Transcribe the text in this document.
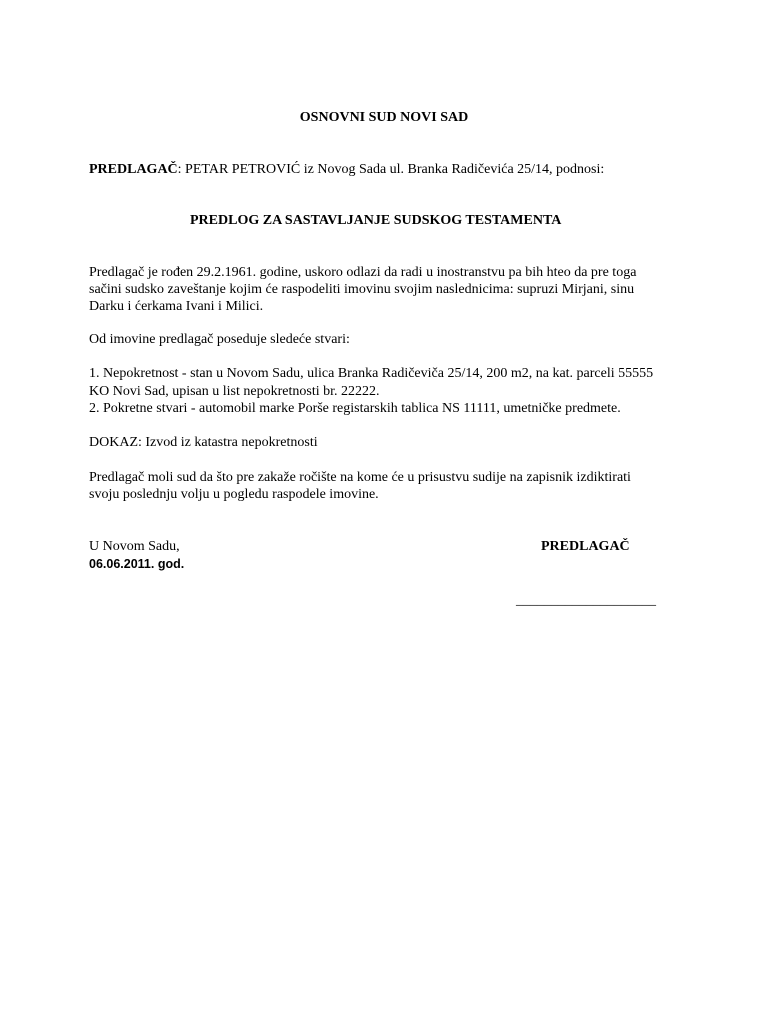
OSNOVNI SUD NOVI SAD
PREDLAGAČ: PETAR PETROVIĆ iz Novog Sada ul. Branka Radičevića 25/14, podnosi:
PREDLOG ZA SASTAVLJANJE SUDSKOG TESTAMENTA
Predlagač je rođen 29.2.1961. godine, uskoro odlazi da radi u inostranstvu pa bih hteo da pre toga
sačini sudsko zaveštanje kojim će raspodeliti imovinu svojim naslednicima: supruzi Mirjani, sinu
Darku i ćerkama Ivani i Milici.
Od imovine predlagač poseduje sledeće stvari:
1. Nepokretnost - stan u Novom Sadu, ulica Branka Radičeviča 25/14, 200 m2, na kat. parceli 55555
KO Novi Sad, upisan u list nepokretnosti br. 22222.
2. Pokretne stvari - automobil marke Porše registarskih tablica NS 11111, umetničke predmete.
DOKAZ: Izvod iz katastra nepokretnosti
Predlagač moli sud da što pre zakaže ročište na kome će u prisustvu sudije na zapisnik izdiktirati
svoju poslednju volju u pogledu raspodele imovine.
U Novom Sadu,
06.06.2011. god.
PREDLAGAČ
____________________
